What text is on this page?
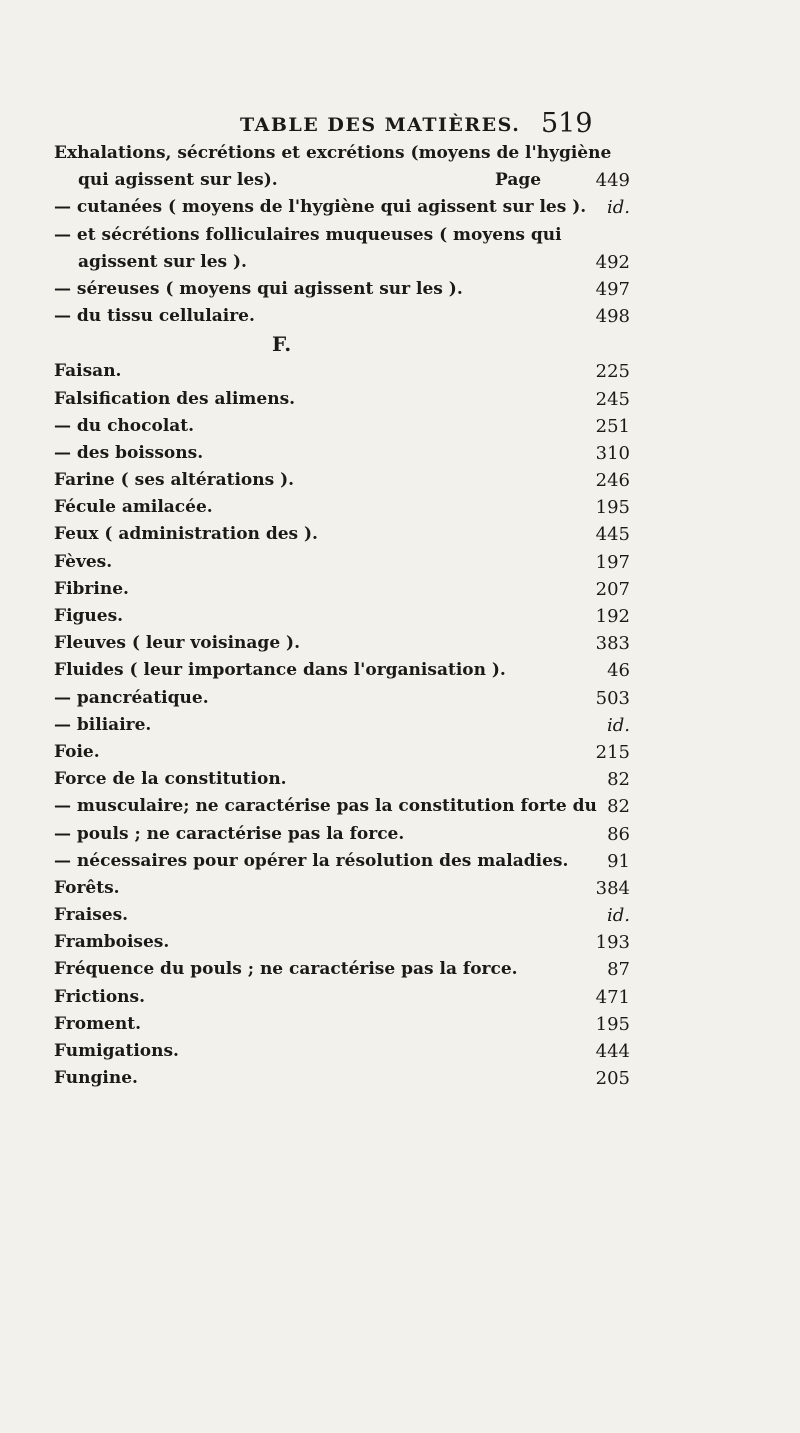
TABLE DES MATIÈRES. 519
Exhalations, sécrétions et excrétions (moyens de l'hygiène
qui agissent sur les).	Page	449
— cutanées ( moyens de l'hygiène qui agissent sur les ). id.
— et sécrétions folliculaires muqueuses ( moyens qui
agissent sur les ).	492
— séreuses ( moyens qui agissent sur les ).	497
— du tissu cellulaire.	498
F.
Faisan.	225
Falsification des alimens.	245
— du chocolat.	251
— des boissons.	310
Farine ( ses altérations ).	246
Fécule amilacée.	195
Feux ( administration des ).	445
Fèves.	197
Fibrine.	207
Figues.	192
Fleuves ( leur voisinage ).	383
Fluides ( leur importance dans l'organisation ).	46
— pancréatique.	503
— biliaire.	id.
Foie.	215
Force de la constitution.	82
— musculaire; ne caractérise pas la constitution forte du 82
— pouls ; ne caractérise pas la force.	86
— nécessaires pour opérer la résolution des maladies. 91
Forêts.	384
Fraises.	id.
Framboises.	193
Fréquence du pouls ; ne caractérise pas la force.	87
Frictions.	471
Froment.	195
Fumigations.	444
Fungine.	205
